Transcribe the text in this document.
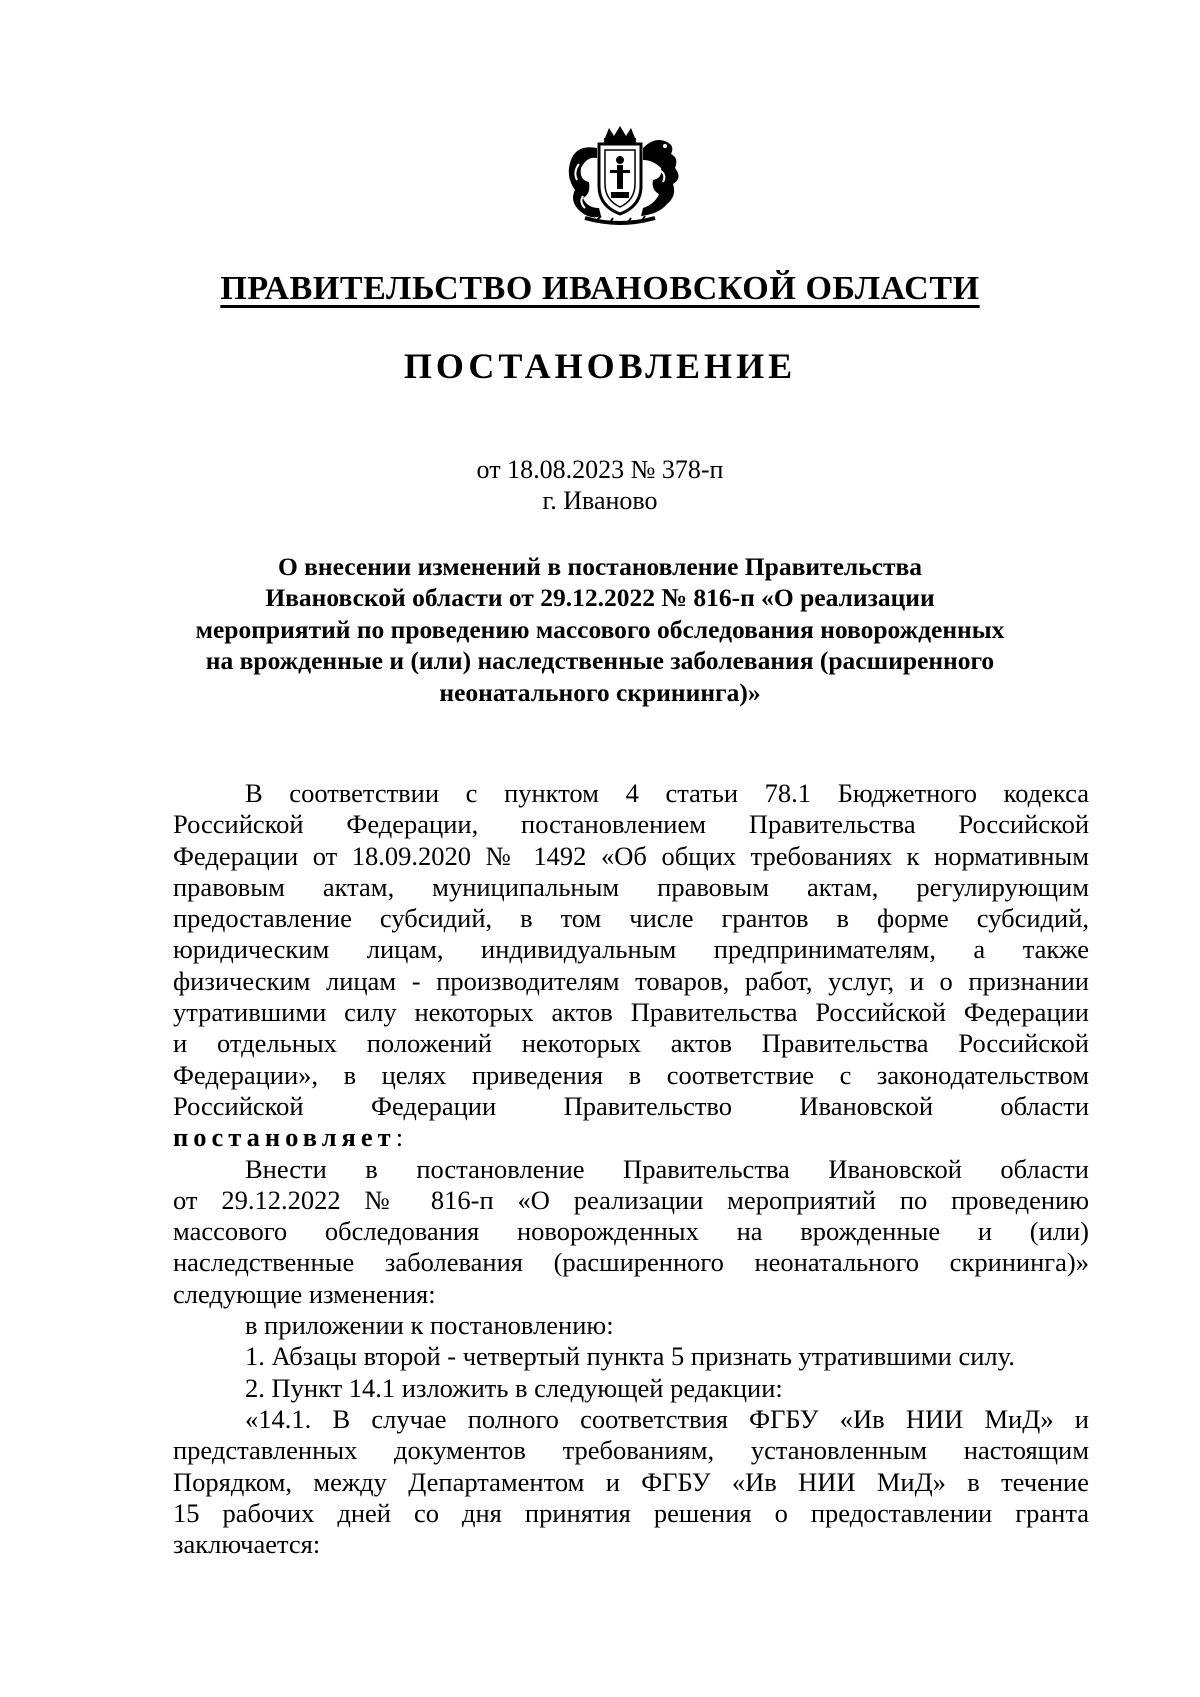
ПРАВИТЕЛЬСТВО ИВАНОВСКОЙ ОБЛАСТИ
ПОСТАНОВЛЕНИЕ
от 18.08.2023 № 378-п
г. Иваново
О внесении изменений в постановление Правительства
Ивановской области от 29.12.2022 № 816-п «О реализации
мероприятий по проведению массового обследования новорожденных
на врожденные и (или) наследственные заболевания (расширенного
неонатального скрининга)»
В соответствии с пунктом 4 статьи 78.1 Бюджетного кодекса
Российской Федерации, постановлением Правительства Российской
Федерации от 18.09.2020 № 1492 «Об общих требованиях к нормативным
правовым актам, муниципальным правовым актам, регулирующим
предоставление субсидий, в том числе грантов в форме субсидий,
юридическим лицам, индивидуальным предпринимателям, а также
физическим лицам - производителям товаров, работ, услуг, и о признании
утратившими силу некоторых актов Правительства Российской Федерации
и отдельных положений некоторых актов Правительства Российской
Федерации», в целях приведения в соответствие с законодательством
Российской Федерации Правительство Ивановской области
постановляет:
Внести в постановление Правительства Ивановской области
от 29.12.2022 № 816-п «О реализации мероприятий по проведению
массового обследования новорожденных на врожденные и (или)
наследственные заболевания (расширенного неонатального скрининга)»
следующие изменения:
в приложении к постановлению:
1. Абзацы второй - четвертый пункта 5 признать утратившими силу.
2. Пункт 14.1 изложить в следующей редакции:
«14.1. В случае полного соответствия ФГБУ «Ив НИИ МиД» и
представленных документов требованиям, установленным настоящим
Порядком, между Департаментом и ФГБУ «Ив НИИ МиД» в течение
15 рабочих дней со дня принятия решения о предоставлении гранта
заключается:
